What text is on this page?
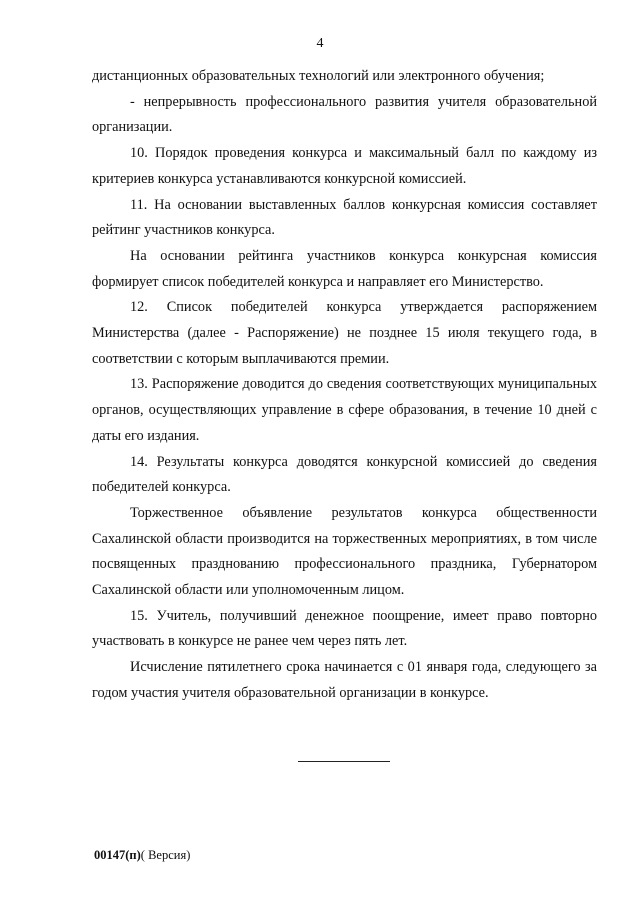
4

дистанционных образовательных технологий или электронного обучения;

- непрерывность профессионального развития учителя образовательной организации.

10. Порядок проведения конкурса и максимальный балл по каждому из критериев конкурса устанавливаются конкурсной комиссией.

11. На основании выставленных баллов конкурсная комиссия составляет рейтинг участников конкурса.

На основании рейтинга участников конкурса конкурсная комиссия формирует список победителей конкурса и направляет его Министерство.

12. Список победителей конкурса утверждается распоряжением Министерства (далее - Распоряжение) не позднее 15 июля текущего года, в соответствии с которым выплачиваются премии.

13. Распоряжение доводится до сведения соответствующих муниципальных органов, осуществляющих управление в сфере образования, в течение 10 дней с даты его издания.

14. Результаты конкурса доводятся конкурсной комиссией до сведения победителей конкурса.

Торжественное объявление результатов конкурса общественности Сахалинской области производится на торжественных мероприятиях, в том числе посвященных празднованию профессионального праздника, Губернатором Сахалинской области или уполномоченным лицом.

15. Учитель, получивший денежное поощрение, имеет право повторно участвовать в конкурсе не ранее чем через пять лет.

Исчисление пятилетнего срока начинается с 01 января года, следующего за годом участия учителя образовательной организации в конкурсе.

00147(п)( Версия)
